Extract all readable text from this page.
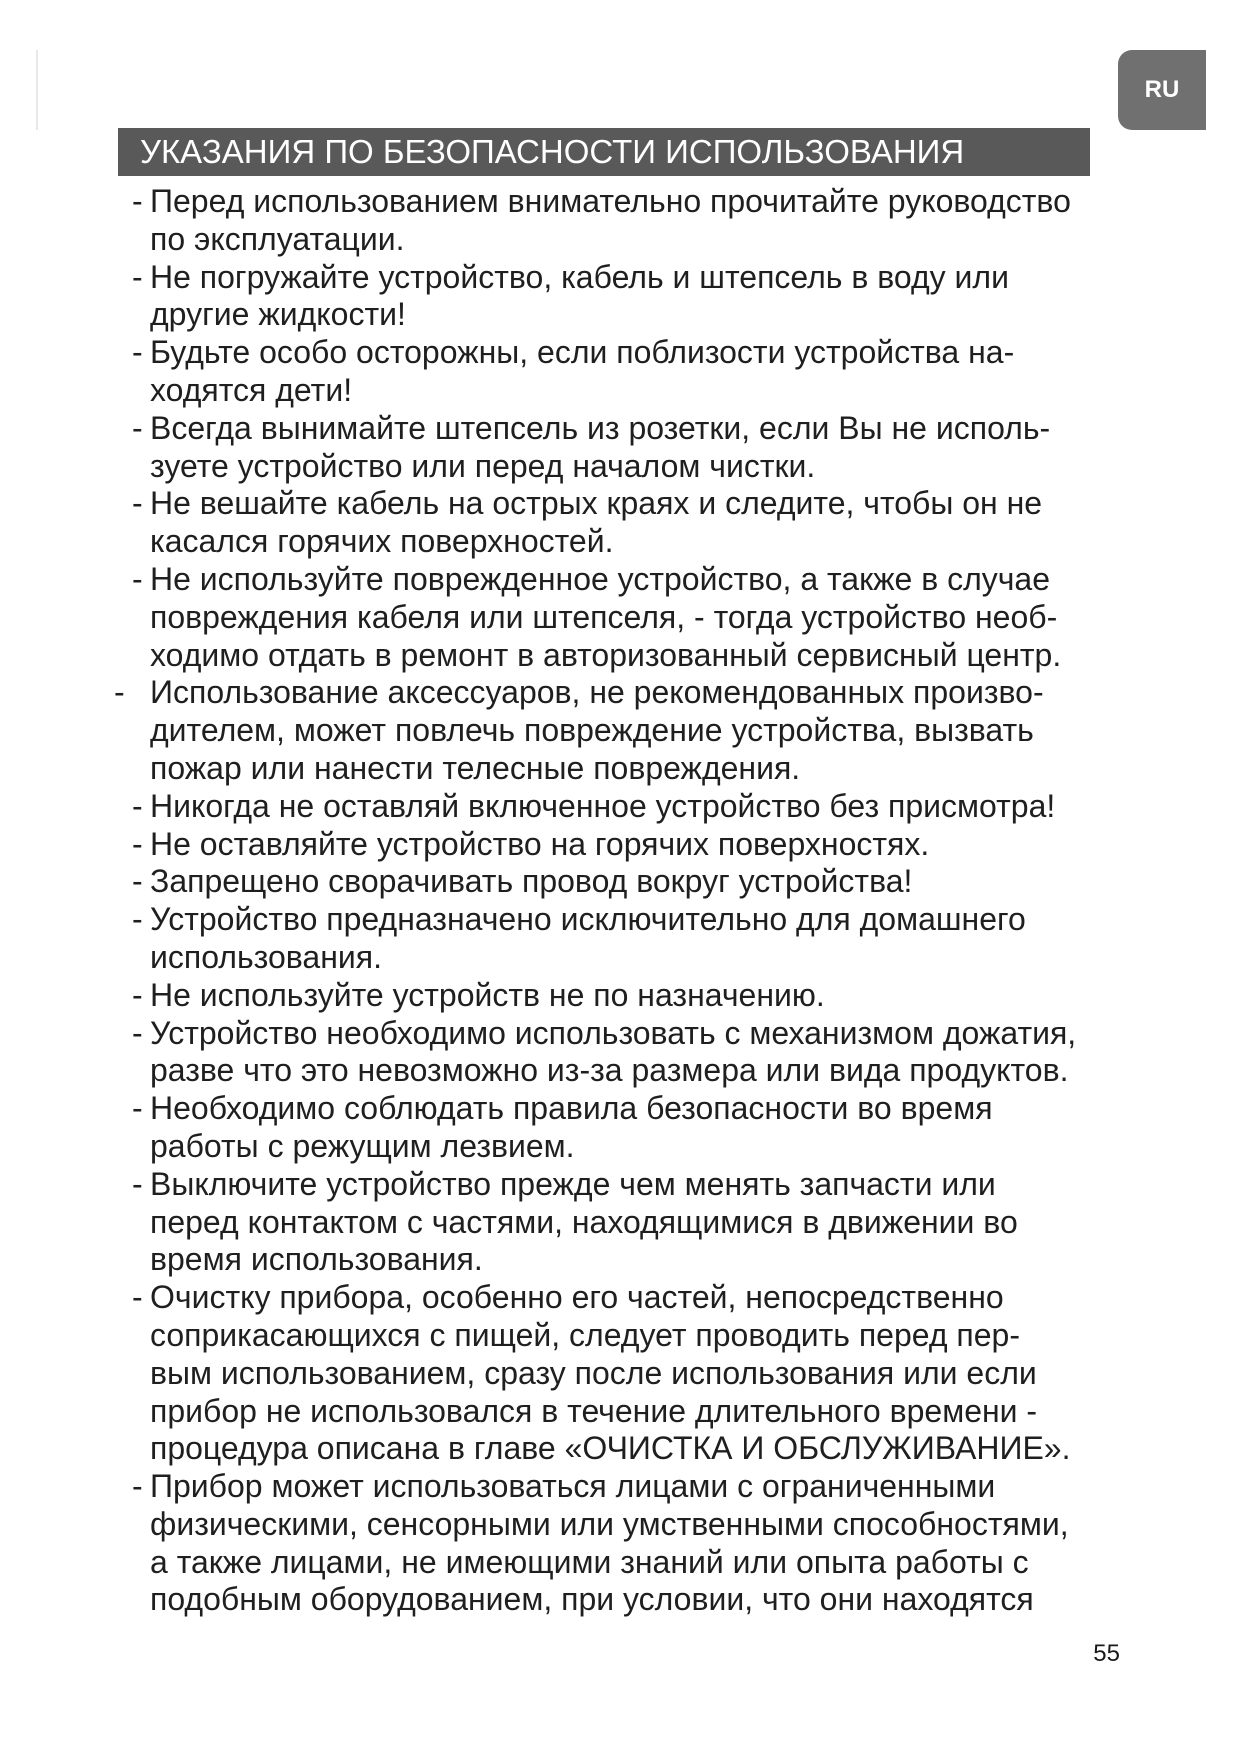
RU
УКАЗАНИЯ ПО БЕЗОПАСНОСТИ ИСПОЛЬЗОВАНИЯ
- Перед использованием внимательно прочитайте руководство
по эксплуатации.
- Не погружайте устройство, кабель и штепсель в воду или
другие жидкости!
- Будьте особо осторожны, если поблизости устройства на-
ходятся дети!
- Всегда вынимайте штепсель из розетки, если Вы не исполь-
зуете устройство или перед началом чистки.
- Не вешайте кабель на острых краях и следите, чтобы он не
касался горячих поверхностей.
- Не используйте поврежденное устройство, а также в случае
повреждения кабеля или штепселя, - тогда устройство необ-
ходимо отдать в ремонт в авторизованный сервисный центр.
- Использование аксессуаров, не рекомендованных произво-
дителем, может повлечь повреждение устройства, вызвать
пожар или нанести телесные повреждения.
- Никогда не оставляй включенное устройство без присмотра!
- Не оставляйте устройство на горячих поверхностях.
- Запрещено сворачивать провод вокруг устройства!
- Устройство предназначено исключительно для домашнего
использования.
- Не используйте устройств не по назначению.
- Устройство необходимо использовать с механизмом дожатия,
разве что это невозможно из-за размера или вида продуктов.
- Необходимо соблюдать правила безопасности во время
работы с режущим лезвием.
- Выключите устройство прежде чем менять запчасти или
перед контактом с частями, находящимися в движении во
время использования.
- Очистку прибора, особенно его частей, непосредственно
соприкасающихся с пищей, следует проводить перед пер-
вым использованием, сразу после использования или если
прибор не использовался в течение длительного времени -
процедура описана в главе «ОЧИСТКА И ОБСЛУЖИВАНИЕ».
- Прибор может использоваться лицами с ограниченными
физическими, сенсорными или умственными способностями,
а также лицами, не имеющими знаний или опыта работы с
подобным оборудованием, при условии, что они находятся
55
